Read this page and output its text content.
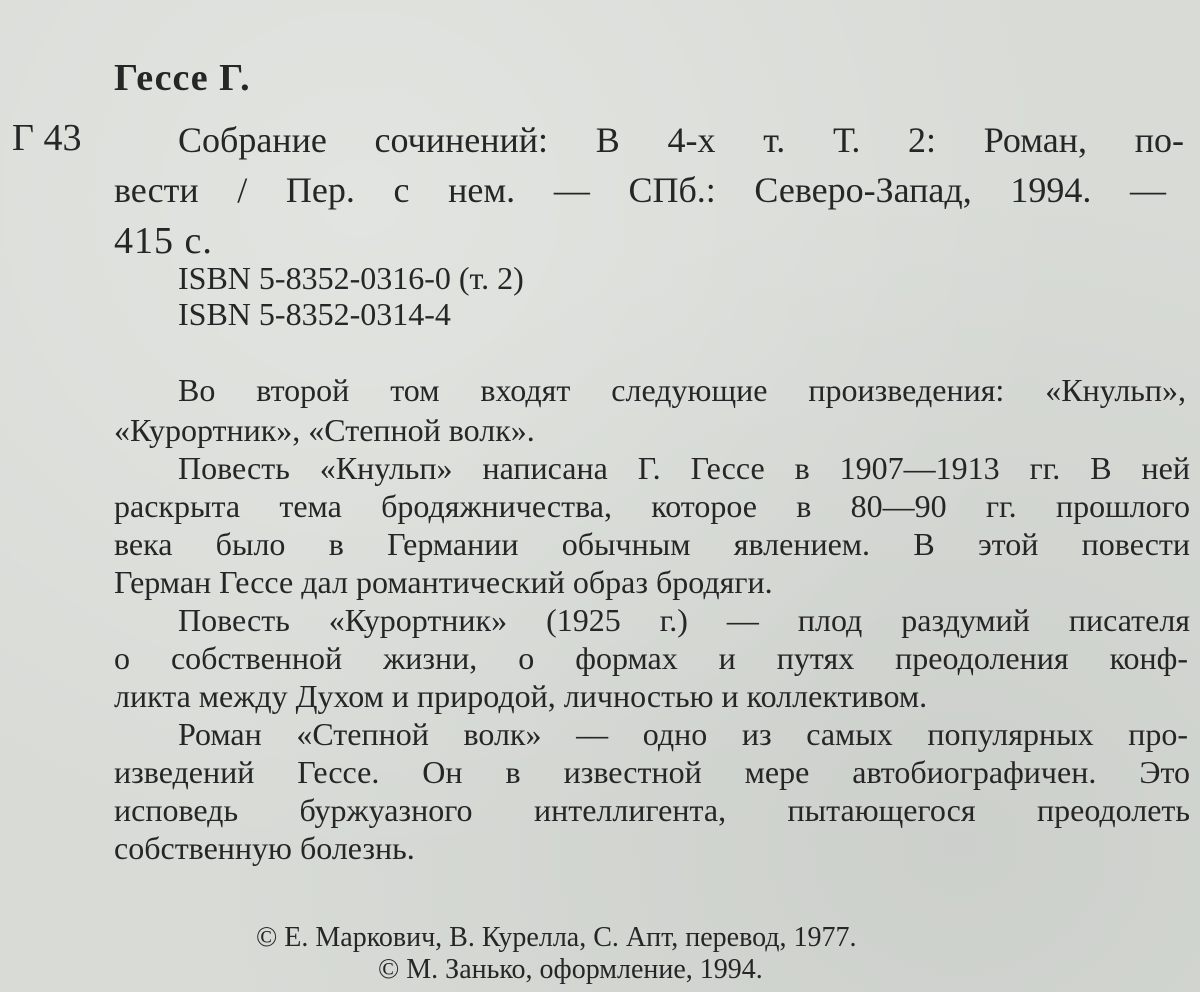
Гессе Г.
Г 43	Собрание сочинений: В 4-х т. Т. 2: Роман, по-
вести / Пер. с нем. — СПб.: Северо-Запад, 1994. —
415 с.
ISBN 5-8352-0316-0 (т. 2)
ISBN 5-8352-0314-4
Во второй том входят следующие произведения: «Кнульп»,
«Курортник», «Степной волк».
Повесть «Кнульп» написана Г. Гессе в 1907—1913 гг. В ней
раскрыта тема бродяжничества, которое в 80—90 гг. прошлого
века было в Германии обычным явлением. В этой повести
Герман Гессе дал романтический образ бродяги.
Повесть «Курортник» (1925 г.) — плод раздумий писателя
о собственной жизни, о формах и путях преодоления конф-
ликта между Духом и природой, личностью и коллективом.
Роман «Степной волк» — одно из самых популярных про-
изведений Гессе. Он в известной мере автобиографичен. Это
исповедь буржуазного интеллигента, пытающегося преодолеть
собственную болезнь.
© Е. Маркович, В. Курелла, С. Апт, перевод, 1977.
© М. Занько, оформление, 1994.
